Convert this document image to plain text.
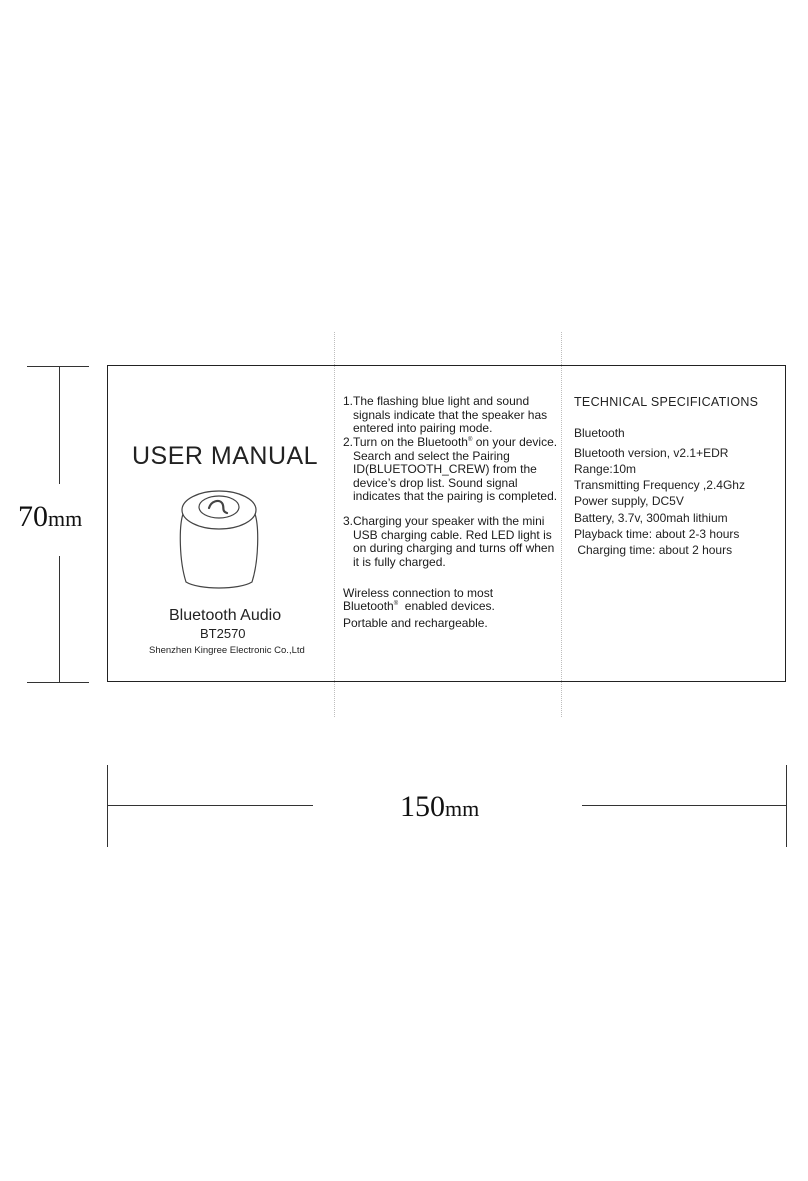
70mm
150mm
USER MANUAL
Bluetooth Audio
BT2570
Shenzhen Kingree Electronic Co.,Ltd
1. The flashing blue light and sound signals indicate that the speaker has entered into pairing mode.
2. Turn on the Bluetooth® on your device. Search and select the Pairing ID(BLUETOOTH_CREW) from the device’s drop list. Sound signal indicates that the pairing is completed.
3. Charging your speaker with the mini USB charging cable. Red LED light is on during charging and turns off when it is fully charged.
Wireless connection to most
Bluetooth®  enabled devices.
Portable and rechargeable.
TECHNICAL SPECIFICATIONS
Bluetooth
Bluetooth version, v2.1+EDR
Range:10m
Transmitting Frequency ,2.4Ghz
Power supply, DC5V
Battery, 3.7v, 300mah lithium
Playback time: about 2-3 hours
Charging time: about 2 hours
